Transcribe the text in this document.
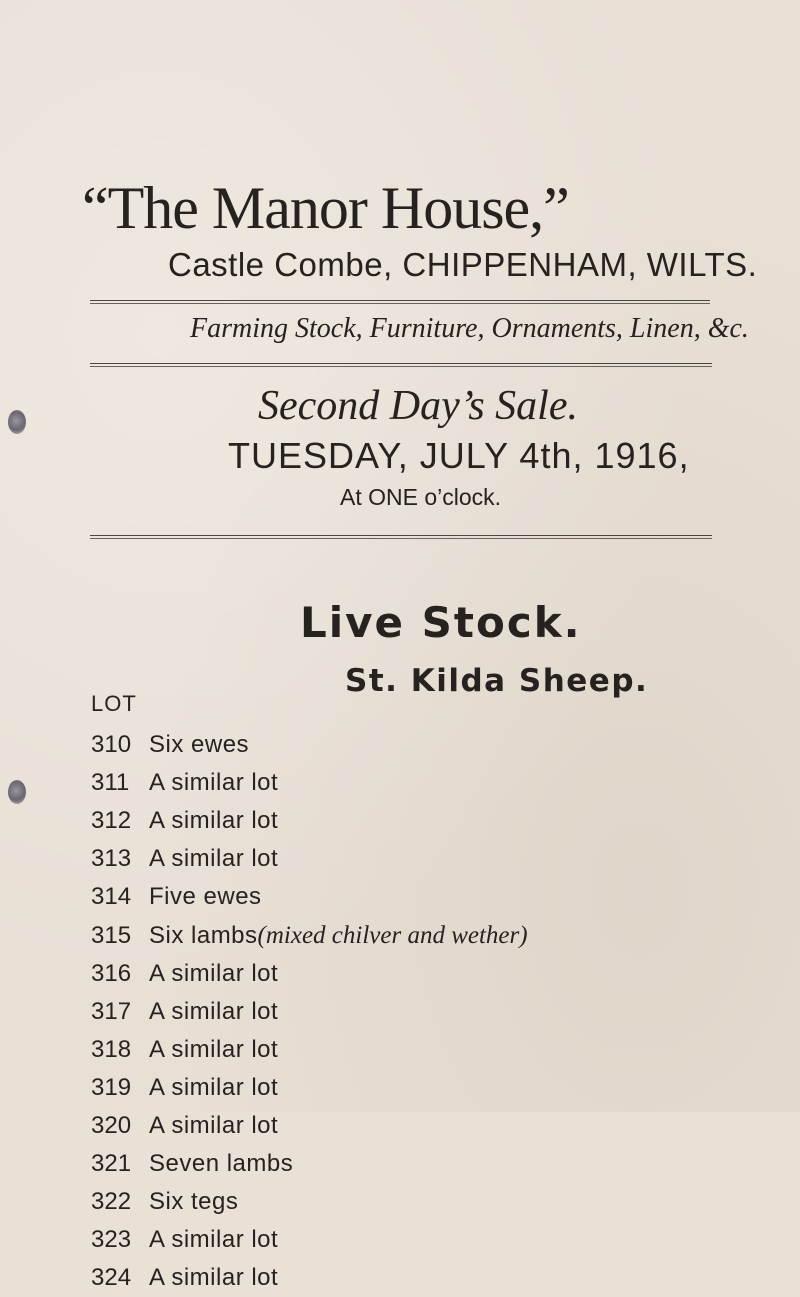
“The Manor House,”
Castle Combe, CHIPPENHAM, WILTS.
Farming Stock, Furniture, Ornaments, Linen, &c.
Second Day’s Sale.
TUESDAY, JULY 4th, 1916,
At ONE o’clock.
Live Stock.
St. Kilda Sheep.
LOT
310 Six ewes
311 A similar lot
312 A similar lot
313 A similar lot
314 Five ewes
315 Six lambs (mixed chilver and wether)
316 A similar lot
317 A similar lot
318 A similar lot
319 A similar lot
320 A similar lot
321 Seven lambs
322 Six tegs
323 A similar lot
324 A similar lot
